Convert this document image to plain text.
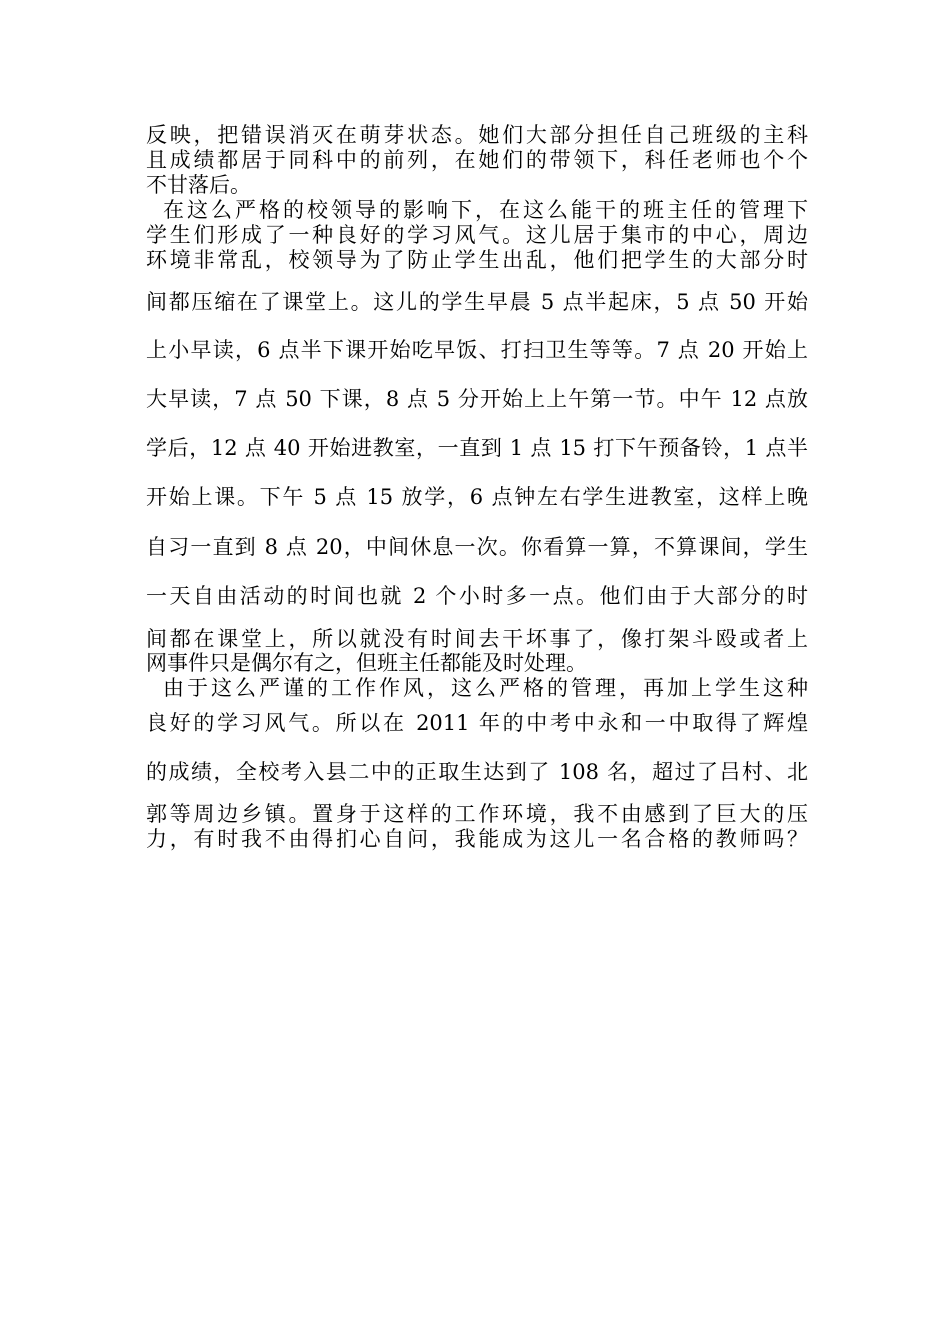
反映，把错误消灭在萌芽状态。她们大部分担任自己班级的主科

且成绩都居于同科中的前列，在她们的带领下，科任老师也个个

不甘落后。

在这么严格的校领导的影响下，在这么能干的班主任的管理下

学生们形成了一种良好的学习风气。这儿居于集市的中心，周边

环境非常乱，校领导为了防止学生出乱，他们把学生的大部分时

间都压缩在了课堂上。这儿的学生早晨 5 点半起床，5 点 50 开始

上小早读，6 点半下课开始吃早饭、打扫卫生等等。7 点 20 开始上

大早读，7 点 50 下课，8 点 5 分开始上上午第一节。中午 12 点放

学后，12 点 40 开始进教室，一直到 1 点 15 打下午预备铃，1 点半

开始上课。下午 5 点 15 放学，6 点钟左右学生进教室，这样上晚

自习一直到 8 点 20，中间休息一次。你看算一算，不算课间，学生

一天自由活动的时间也就 2 个小时多一点。他们由于大部分的时

间都在课堂上，所以就没有时间去干坏事了，像打架斗殴或者上

网事件只是偶尔有之，但班主任都能及时处理。

由于这么严谨的工作作风，这么严格的管理，再加上学生这种

良好的学习风气。所以在 2011 年的中考中永和一中取得了辉煌

的成绩，全校考入县二中的正取生达到了 108 名，超过了吕村、北

郭等周边乡镇。置身于这样的工作环境，我不由感到了巨大的压

力，有时我不由得扪心自问，我能成为这儿一名合格的教师吗？
